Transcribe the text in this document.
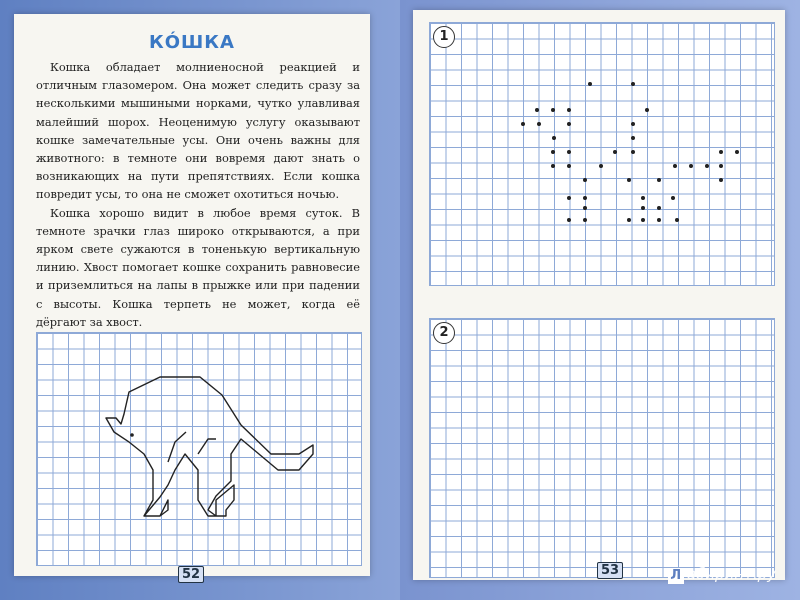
КÓШКА

Кошка обладает молниеносной реакцией и отличным глазомером. Она может следить сразу за несколькими мышиными норками, чутко улавливая малейший шорох. Неоценимую услугу оказывают кошке замечательные усы. Они очень важны для животного: в темноте они вовремя дают знать о возникающих на пути препятствиях. Если кошка повредит усы, то она не сможет охотиться ночью.

Кошка хорошо видит в любое время суток. В темноте зрачки глаз широко открываются, а при ярком свете сужаются в тоненькую вертикальную линию. Хвост помогает кошке сохранить равновесие и приземлиться на лапы в прыжке или при падении с высоты. Кошка терпеть не может, когда её дёргают за хвост.

52
1
2
53	Л абиринт.ру
